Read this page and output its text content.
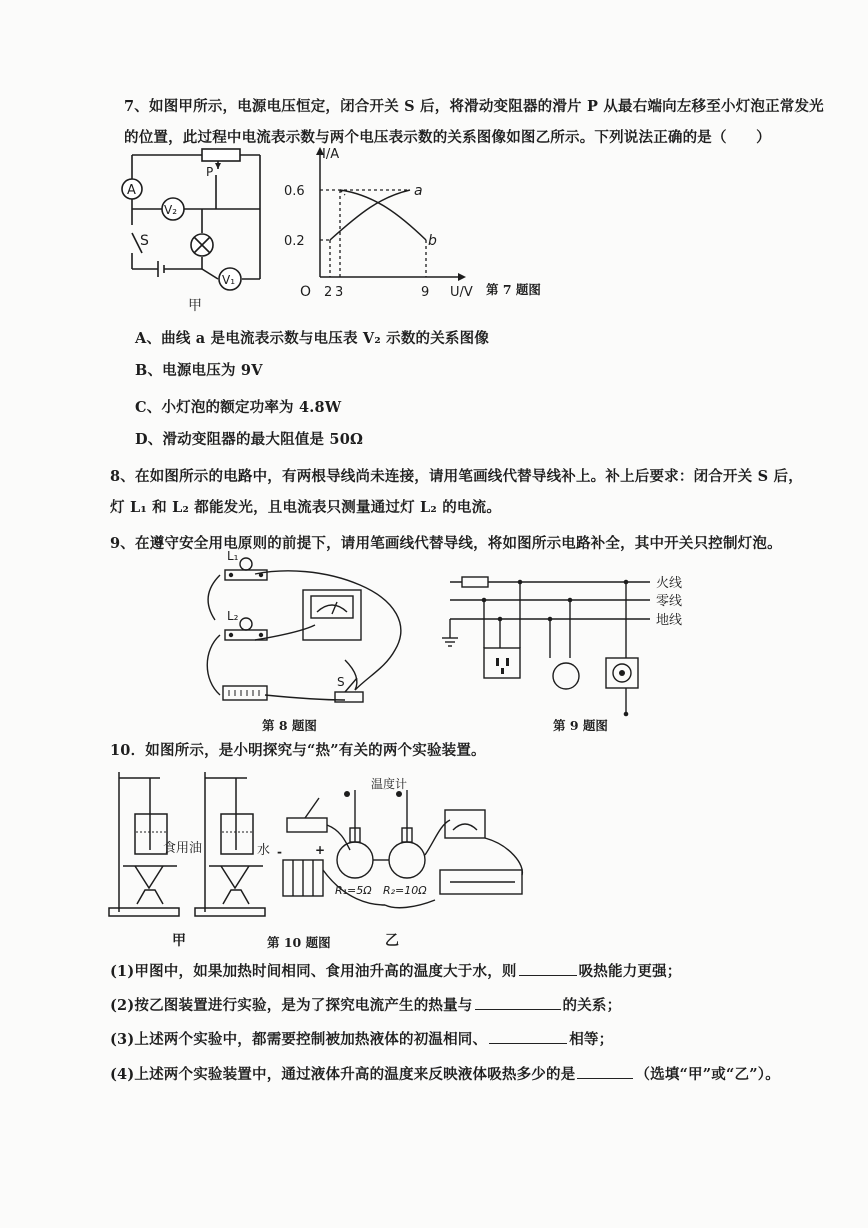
7、如图甲所示，电源电压恒定，闭合开关 S 后，将滑动变阻器的滑片 P 从最右端向左移至小灯泡正常发光
的位置，此过程中电流表示数与两个电压表示数的关系图像如图乙所示。下列说法正确的是（　　）
A
V₂
V₁
S
P
甲
I/A
U/V
O
0.6
0.2
2 3	9
a
b
第 7 题图
A、曲线 a 是电流表示数与电压表 V₂ 示数的关系图像
B、电源电压为 9V
C、小灯泡的额定功率为 4.8W
D、滑动变阻器的最大阻值是 50Ω
8、在如图所示的电路中，有两根导线尚未连接，请用笔画线代替导线补上。补上后要求：闭合开关 S 后，
灯 L₁ 和 L₂ 都能发光，且电流表只测量通过灯 L₂ 的电流。
9、在遵守安全用电原则的前提下，请用笔画线代替导线，将如图所示电路补全，其中开关只控制灯泡。
L₁
L₂
S
第 8 题图
火线
零线
地线
第 9 题图
10．如图所示，是小明探究与“热”有关的两个实验装置。
食用油	水
甲	第 10 题图
-	+
温度计
R₁=5Ω R₂=10Ω
乙
(1)甲图中，如果加热时间相同、食用油升高的温度大于水，则	吸热能力更强；
(2)按乙图装置进行实验，是为了探究电流产生的热量与	的关系；
(3)上述两个实验中，都需要控制被加热液体的初温相同、	相等；
(4)上述两个实验装置中，通过液体升高的温度来反映液体吸热多少的是	（选填“甲”或“乙”）。
